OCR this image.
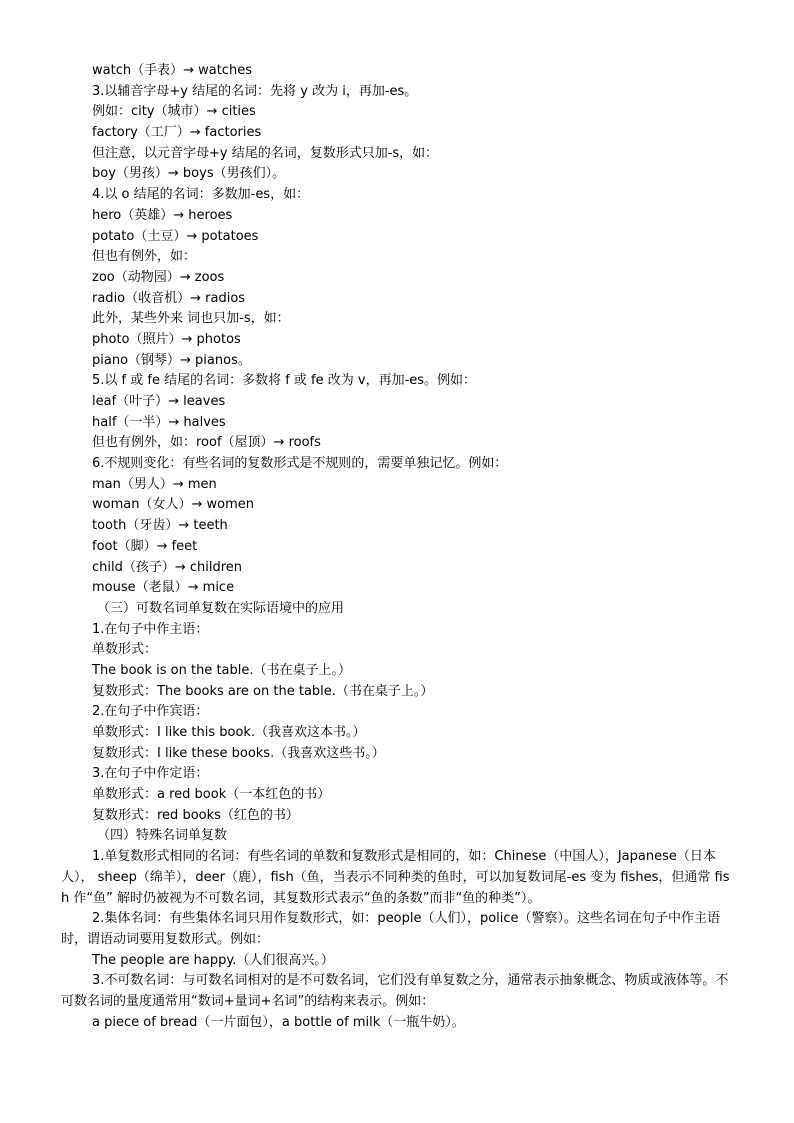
watch（手表）→ watches

3.以辅音字母+y 结尾的名词：先将 y 改为 i，再加-es。

例如：city（城市）→ cities

factory（工厂）→ factories

但注意，以元音字母+y 结尾的名词，复数形式只加-s，如：

boy（男孩）→ boys（男孩们）。

4.以 o 结尾的名词：多数加-es，如：

hero（英雄）→ heroes

potato（土豆）→ potatoes

但也有例外，如：

zoo（动物园）→ zoos

radio（收音机）→ radios

此外，某些外来 词也只加-s，如：

photo（照片）→ photos

piano（钢琴）→ pianos。

5.以 f 或 fe 结尾的名词：多数将 f 或 fe 改为 v，再加-es。例如：

leaf（叶子）→ leaves

half（一半）→ halves

但也有例外，如：roof（屋顶）→ roofs

6.不规则变化：有些名词的复数形式是不规则的，需要单独记忆。例如：

man（男人）→ men

woman（女人）→ women

tooth（牙齿）→ teeth

foot（脚）→ feet

child（孩子）→ children

mouse（老鼠）→ mice

（三）可数名词单复数在实际语境中的应用

1.在句子中作主语：

单数形式：

The book is on the table.（书在桌子上。）

复数形式：The books are on the table.（书在桌子上。）

2.在句子中作宾语：

单数形式：I like this book.（我喜欢这本书。）

复数形式：I like these books.（我喜欢这些书。）

3.在句子中作定语：

单数形式：a red book（一本红色的书）

复数形式：red books（红色的书）

（四）特殊名词单复数

1.单复数形式相同的名词：有些名词的单数和复数形式是相同的，如：Chinese（中国人），Japanese（日本人）， sheep（绵羊），deer（鹿），fish（鱼，当表示不同种类的鱼时，可以加复数词尾-es 变为 fishes，但通常 fish 作“鱼” 解时仍被视为不可数名词，其复数形式表示“鱼的条数”而非“鱼的种类”）。

2.集体名词：有些集体名词只用作复数形式，如：people（人们），police（警察）。这些名词在句子中作主语时，谓语动词要用复数形式。例如：

The people are happy.（人们很高兴。）

3.不可数名词：与可数名词相对的是不可数名词，它们没有单复数之分，通常表示抽象概念、物质或液体等。不 可数名词的量度通常用“数词+量词+名词”的结构来表示。例如：

a piece of bread（一片面包），a bottle of milk（一瓶牛奶）。
